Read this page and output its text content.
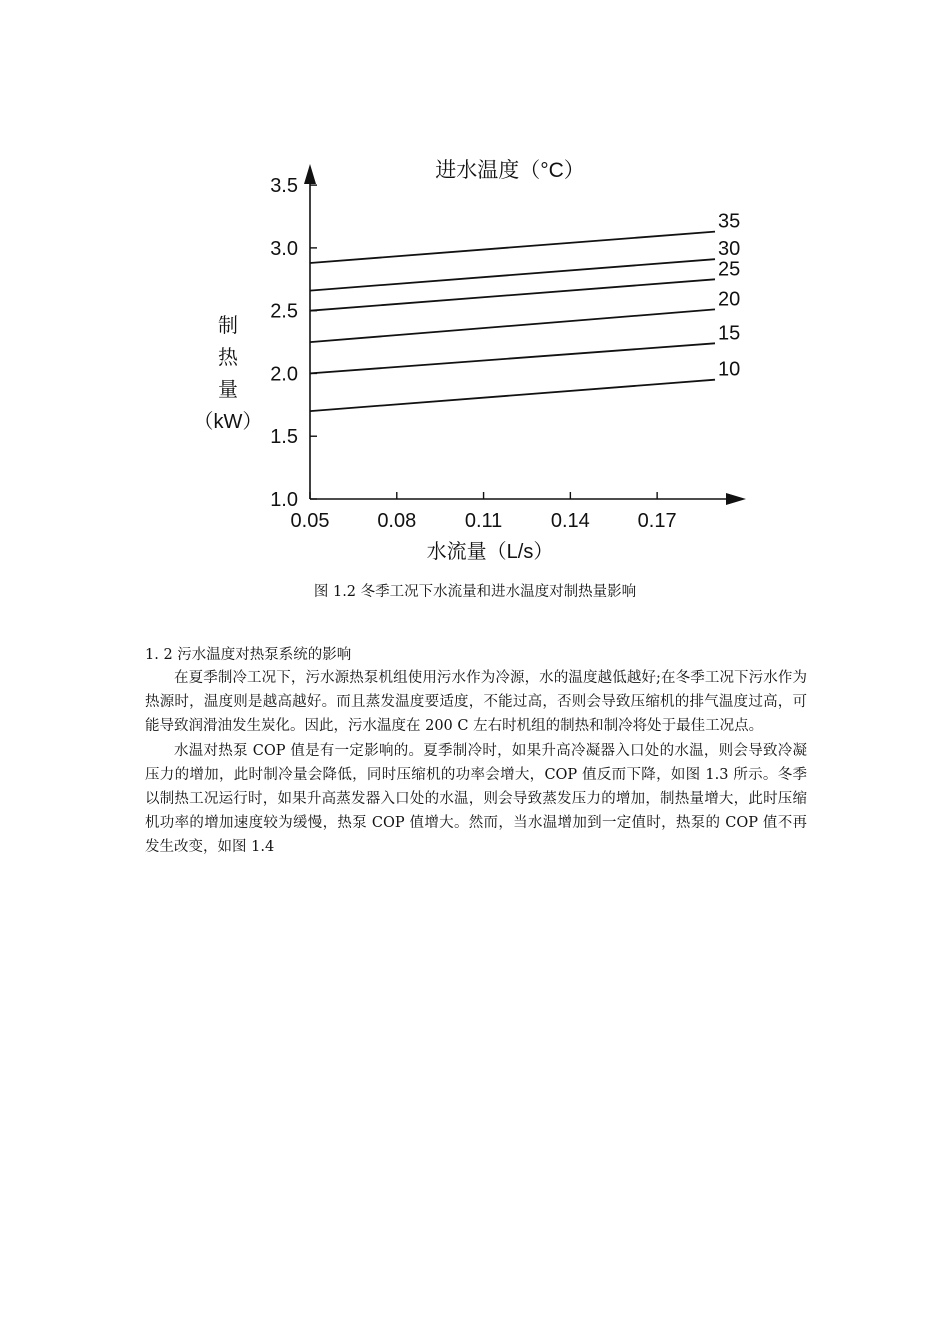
进水温度（°C）
1.0
1.5
2.0
2.5
3.0
3.5
0.05 0.08 0.11 0.14 0.17
35
30
25
20
15
10
水流量（L/s）
制
热
量
（kW）
图 1.2 冬季工况下水流量和进水温度对制热量影响
1. 2 污水温度对热泵系统的影响

在夏季制冷工况下，污水源热泵机组使用污水作为冷源，水的温度越低越好;在冬季工况下污水作为热源时，温度则是越高越好。而且蒸发温度要适度，不能过高，否则会导致压缩机的排气温度过高，可能导致润滑油发生炭化。因此，污水温度在 200 C 左右时机组的制热和制冷将处于最佳工况点。

水温对热泵 COP 值是有一定影响的。夏季制冷时，如果升高冷凝器入口处的水温，则会导致冷凝压力的增加，此时制冷量会降低，同时压缩机的功率会增大，COP 值反而下降，如图 1.3 所示。冬季以制热工况运行时，如果升高蒸发器入口处的水温，则会导致蒸发压力的增加，制热量增大，此时压缩机功率的增加速度较为缓慢，热泵 COP 值增大。然而，当水温增加到一定值时，热泵的 COP 值不再发生改变，如图 1.4
